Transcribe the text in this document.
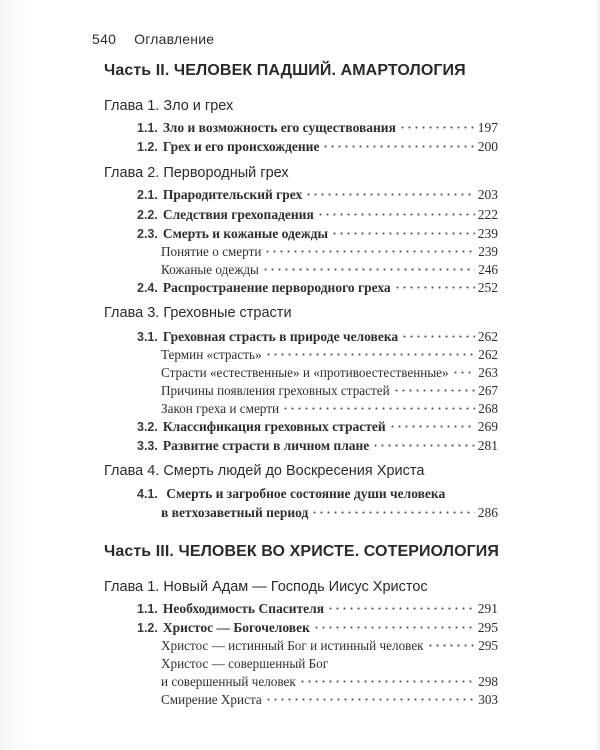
540 Оглавление
Часть II. ЧЕЛОВЕК ПАДШИЙ. АМАРТОЛОГИЯ
Глава 1. Зло и грех
1.1. Зло и возможность его существования	197
1.2. Грех и его происхождение	200
Глава 2. Первородный грех
2.1. Прародительский грех	203
2.2. Следствия грехопадения	222
2.3. Смерть и кожаные одежды	239
Понятие о смерти	239
Кожаные одежды	246
2.4. Распространение первородного греха	252
Глава 3. Греховные страсти
3.1. Греховная страсть в природе человека	262
Термин «страсть»	262
Страсти «естественные» и «противоестественные» 263
Причины появления греховных страстей	267
Закон греха и смерти	268
3.2. Классификация греховных страстей	269
3.3. Развитие страсти в личном плане	281
Глава 4. Смерть людей до Воскресения Христа
4.1. Смерть и загробное состояние души человека
в ветхозаветный период	286
Часть III. ЧЕЛОВЕК ВО ХРИСТЕ. СОТЕРИОЛОГИЯ
Глава 1. Новый Адам — Господь Иисус Христос
1.1. Необходимость Спасителя	291
1.2. Христос — Богочеловек	295
Христос — истинный Бог и истинный человек	295
Христос — совершенный Бог
и совершенный человек	298
Смирение Христа	303
